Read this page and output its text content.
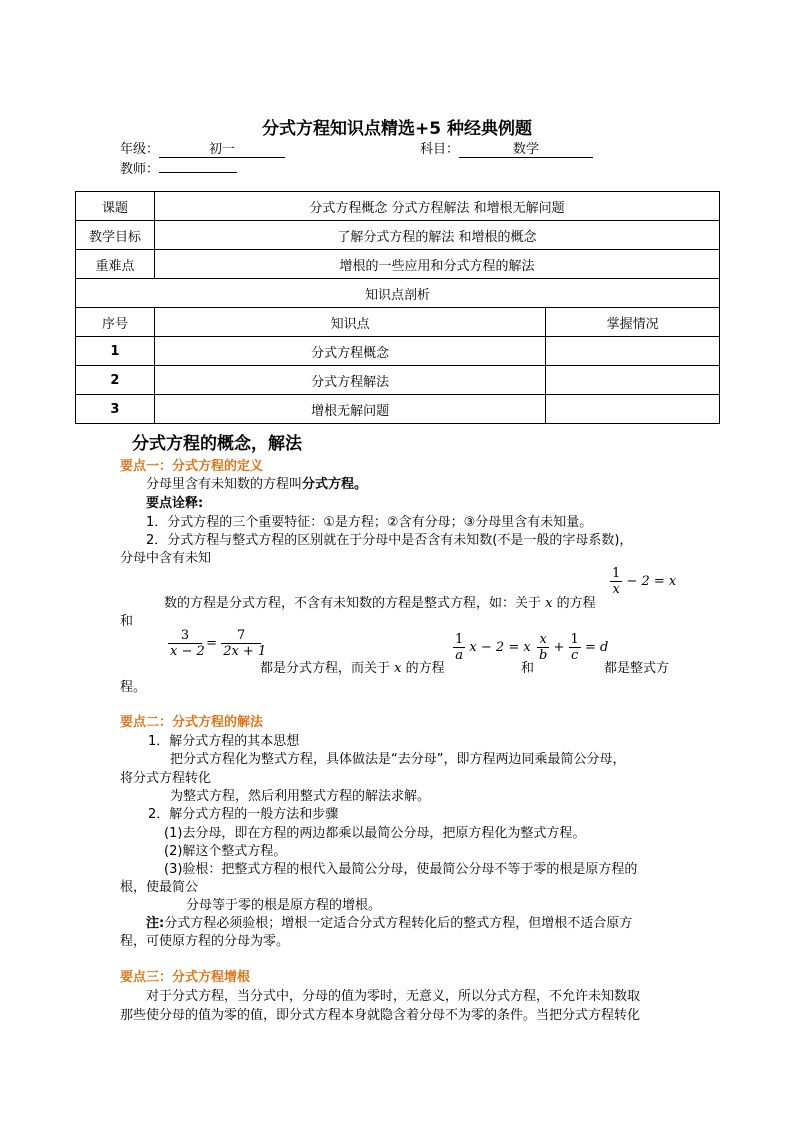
分式方程知识点精选+5 种经典例题
年级：	初一	科目：	数学
教师：
课题	分式方程概念 分式方程解法 和增根无解问题	
教学目标	了解分式方程的解法 和增根的概念	
重难点	增根的一些应用和分式方程的解法	
知识点剖析		
序号	知识点	掌握情况
1	分式方程概念	
2	分式方程解法	
3	增根无解问题	
分式方程的概念，解法
要点一：分式方程的定义
分母里含有未知数的方程叫分式方程。
要点诠释:
1．分式方程的三个重要特征：①是方程；②含有分母；③分母里含有未知量。
2．分式方程与整式方程的区别就在于分母中是否含有未知数(不是一般的字母系数)，
分母中含有未知
数的方程是分式方程，不含有未知数的方程是整式方程，如：关于 x 的方程
$\frac{1}{x} - 2 = x$
和
$\frac{3}{x - 2} = \frac{7}{2x + 1}$
都是分式方程，而关于 x 的方程
$\frac{1}{a}$ x − 2 = x
和
$\frac{x}{b} + \frac{1}{c} = d$
都是整式方
程。
要点二：分式方程的解法
1．解分式方程的其本思想
把分式方程化为整式方程，具体做法是“去分母”，即方程两边同乘最简公分母，
将分式方程转化
为整式方程，然后利用整式方程的解法求解。
2．解分式方程的一般方法和步骤
(1)去分母，即在方程的两边都乘以最简公分母，把原方程化为整式方程。
(2)解这个整式方程。
(3)验根：把整式方程的根代入最简公分母，使最简公分母不等于零的根是原方程的
根，使最简公
分母等于零的根是原方程的增根。
注:分式方程必须验根；增根一定适合分式方程转化后的整式方程，但增根不适合原方
程，可使原方程的分母为零。
要点三：分式方程增根
对于分式方程，当分式中，分母的值为零时，无意义，所以分式方程，不允许未知数取
那些使分母的值为零的值，即分式方程本身就隐含着分母不为零的条件。当把分式方程转化
